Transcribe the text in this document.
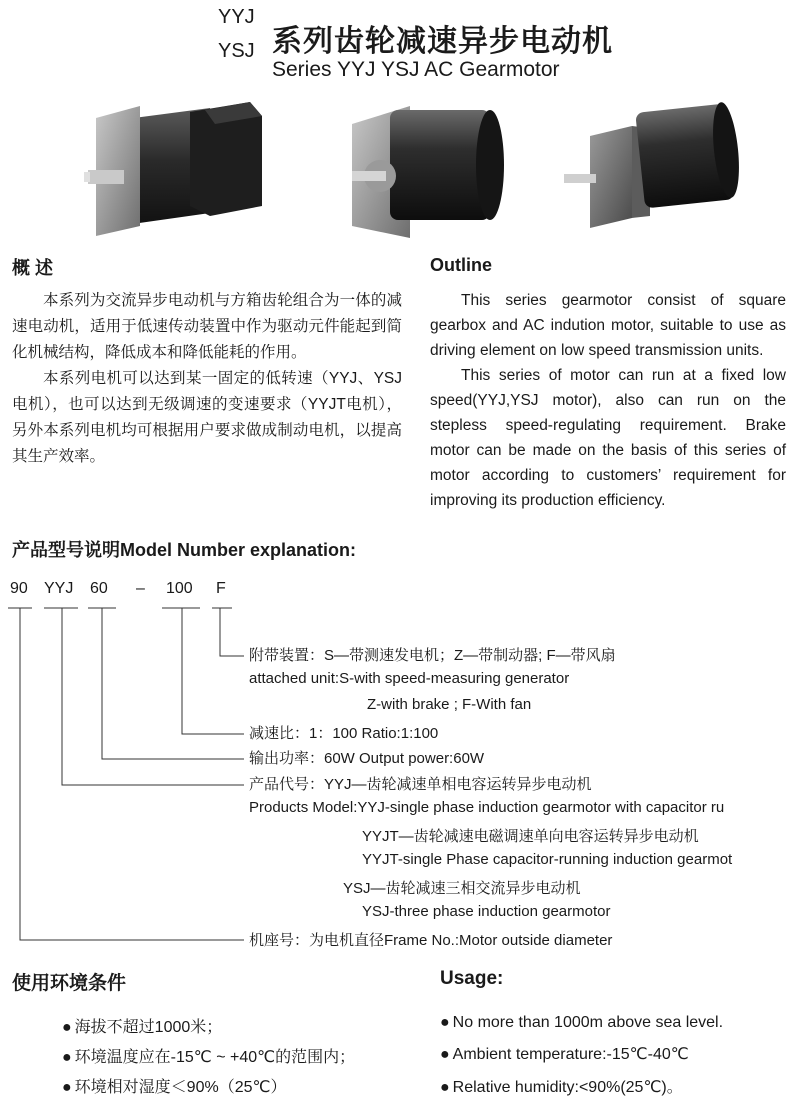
YYJ
YSJ 系列齿轮减速异步电动机
Series YYJ YSJ AC Gearmotor
概 述

本系列为交流异步电动机与方箱齿轮组合为一体的减速电动机，适用于低速传动装置中作为驱动元件能起到简化机械结构，降低成本和降低能耗的作用。

本系列电机可以达到某一固定的低转速（YYJ、YSJ电机），也可以达到无级调速的变速要求（YYJT电机），另外本系列电机均可根据用户要求做成制动电机，以提高其生产效率。

Outline

This series gearmotor consist of square gearbox and AC indution motor, suitable to use as driving element on low speed transmission units.

This series of motor can run at a fixed low speed(YYJ,YSJ motor), also can run on the stepless speed-regulating requirement. Brake motor can be made on the basis of this series of motor according to customers’ requirement for improving its production efficiency.

产品型号说明Model Number explanation:
90 YYJ 60 – 100 F
附带装置：S—带测速发电机；Z—带制动器; F—带风扇
attached unit:S-with speed-measuring generator
Z-with brake ; F-With fan
减速比：1：100 Ratio:1:100
输出功率：60W Output power:60W
产品代号：YYJ—齿轮减速单相电容运转异步电动机
Products Model:YYJ-single phase induction gearmotor with capacitor ru
YYJT—齿轮减速电磁调速单向电容运转异步电动机
YYJT-single Phase capacitor-running induction gearmot
YSJ—齿轮减速三相交流异步电动机
YSJ-three phase induction gearmotor
机座号：为电机直径Frame No.:Motor outside diameter
使用环境条件	Usage:
● 海拔不超过1000米；
● 环境温度应在-15℃ ~ +40℃的范围内；
● 环境相对湿度＜90%（25℃）
● No more than 1000m above sea level.
● Ambient temperature:-15℃-40℃
● Relative humidity:<90%(25℃)。
